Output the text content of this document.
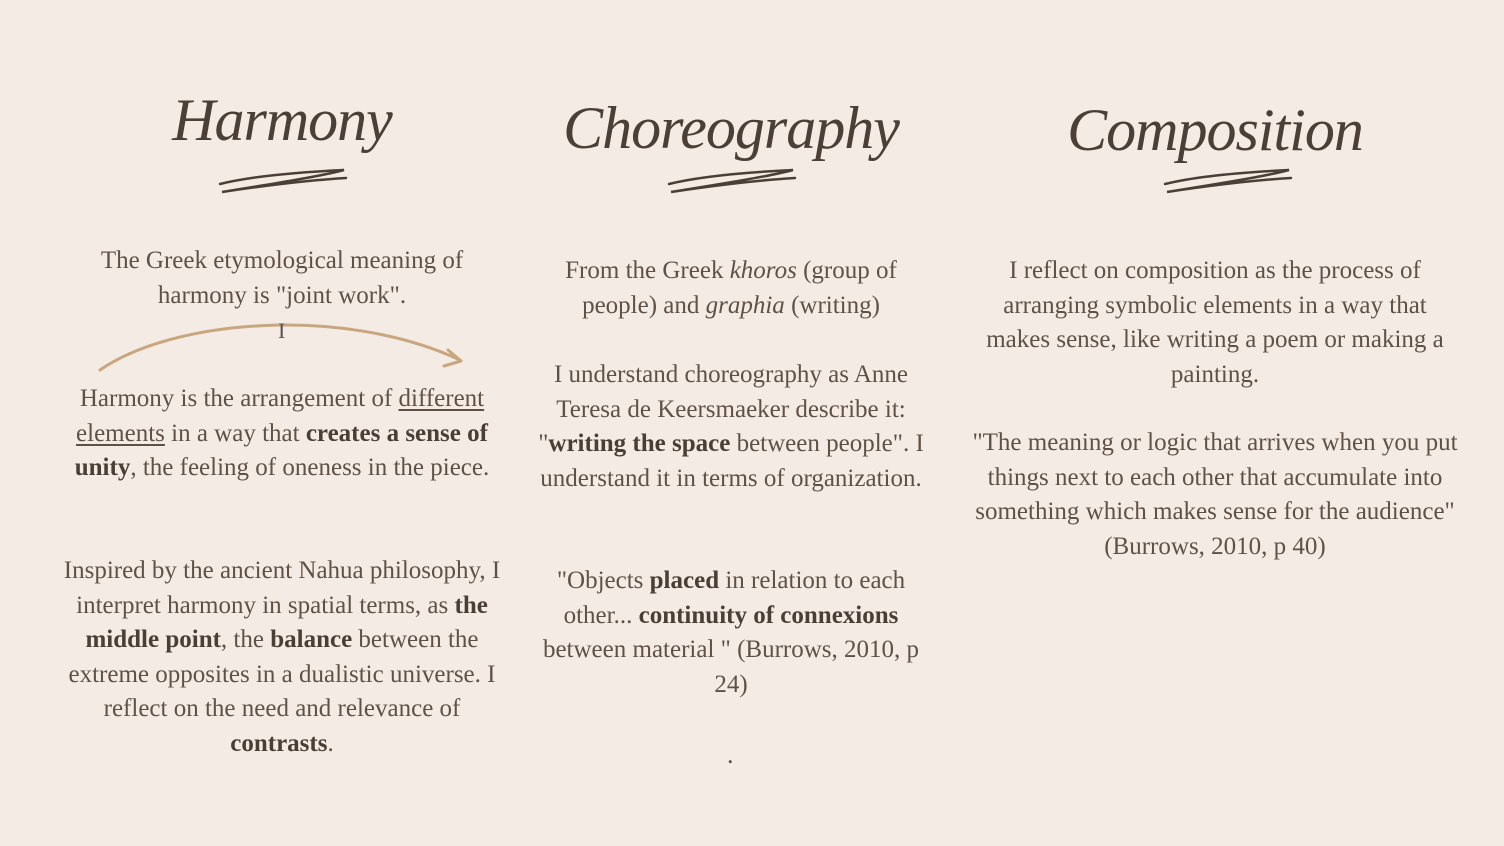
Harmony

The Greek etymological meaning of harmony is "joint work".

Harmony is the arrangement of different elements in a way that creates a sense of unity, the feeling of oneness in the piece.

Inspired by the ancient Nahua philosophy, I interpret harmony in spatial terms, as the middle point, the balance between the extreme opposites in a dualistic universe. I reflect on the need and relevance of contrasts.

I
Choreography

From the Greek khoros (group of people) and graphia (writing)

I understand choreography as Anne Teresa de Keersmaeker describe it: "writing the space between people". I understand it in terms of organization.

"Objects placed in relation to each other... continuity of connexions between material " (Burrows, 2010, p 24)

.
Composition

I reflect on composition as the process of arranging symbolic elements in a way that makes sense, like writing a poem or making a painting.

"The meaning or logic that arrives when you put things next to each other that accumulate into something which makes sense for the audience" (Burrows, 2010, p 40)
